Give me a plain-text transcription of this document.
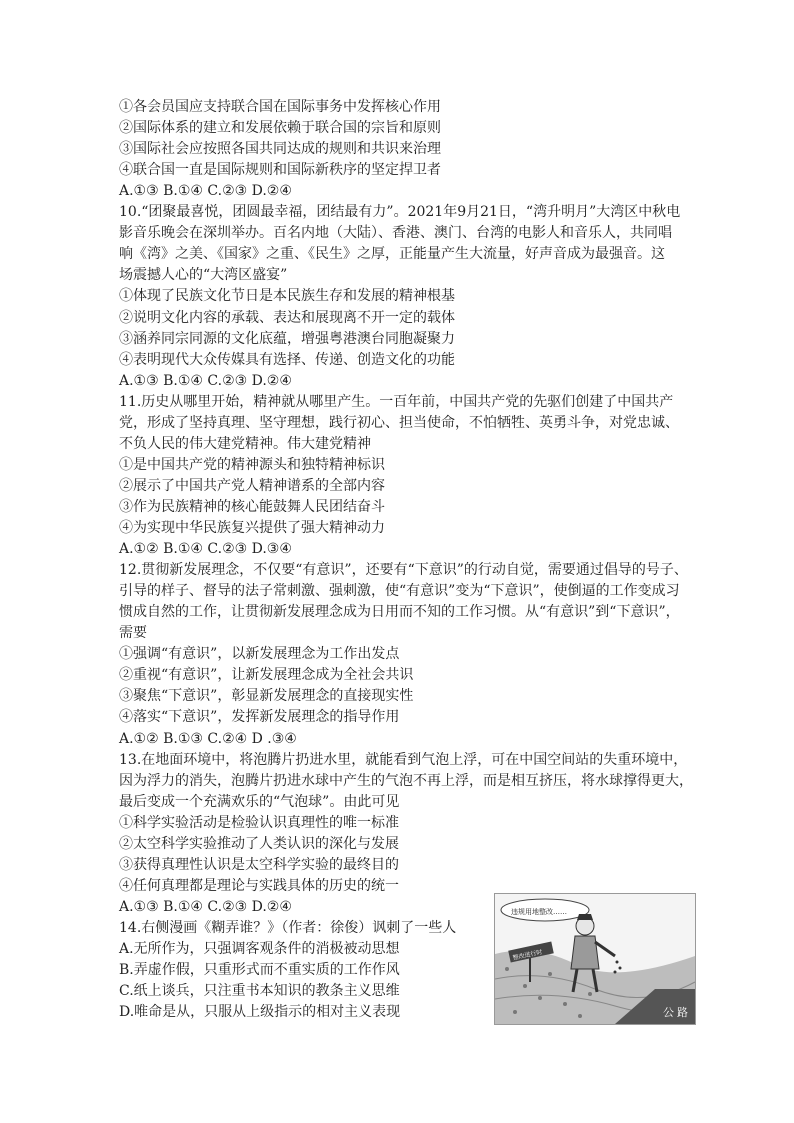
①各会员国应支持联合国在国际事务中发挥核心作用
②国际体系的建立和发展依赖于联合国的宗旨和原则
③国际社会应按照各国共同达成的规则和共识来治理
④联合国一直是国际规则和国际新秩序的坚定捍卫者
A.①③ B.①④ C.②③ D.②④
10.“团聚最喜悦，团圆最幸福，团结最有力”。2021年9月21日，“湾升明月”大湾区中秋电
影音乐晚会在深圳举办。百名内地（大陆）、香港、澳门、台湾的电影人和音乐人，共同唱
响《湾》之美、《国家》之重、《民生》之厚，正能量产生大流量，好声音成为最强音。这
场震撼人心的“大湾区盛宴”
①体现了民族文化节日是本民族生存和发展的精神根基
②说明文化内容的承载、表达和展现离不开一定的载体
③涵养同宗同源的文化底蕴，增强粤港澳台同胞凝聚力
④表明现代大众传媒具有选择、传递、创造文化的功能
A.①③ B.①④ C.②③ D.②④
11.历史从哪里开始，精神就从哪里产生。一百年前，中国共产党的先驱们创建了中国共产
党，形成了坚持真理、坚守理想，践行初心、担当使命，不怕牺牲、英勇斗争，对党忠诚、
不负人民的伟大建党精神。伟大建党精神
①是中国共产党的精神源头和独特精神标识
②展示了中国共产党人精神谱系的全部内容
③作为民族精神的核心能鼓舞人民团结奋斗
④为实现中华民族复兴提供了强大精神动力
A.①② B.①④ C.②③ D.③④
12.贯彻新发展理念，不仅要“有意识”，还要有“下意识”的行动自觉，需要通过倡导的号子、
引导的样子、督导的法子常刺激、强刺激，使“有意识”变为“下意识”，使倒逼的工作变成习
惯成自然的工作，让贯彻新发展理念成为日用而不知的工作习惯。从“有意识”到“下意识”，
需要
①强调“有意识”，以新发展理念为工作出发点
②重视“有意识”，让新发展理念成为全社会共识
③聚焦“下意识”，彰显新发展理念的直接现实性
④落实“下意识”，发挥新发展理念的指导作用
A.①② B.①③ C.②④ D .③④
13.在地面环境中，将泡腾片扔进水里，就能看到气泡上浮，可在中国空间站的失重环境中，
因为浮力的消失，泡腾片扔进水球中产生的气泡不再上浮，而是相互挤压，将水球撑得更大，
最后变成一个充满欢乐的“气泡球”。由此可见
①科学实验活动是检验认识真理性的唯一标准
②太空科学实验推动了人类认识的深化与发展
③获得真理性认识是太空科学实验的最终目的
④任何真理都是理论与实践具体的历史的统一
A.①③ B.①④ C.②③ D.②④
14.右侧漫画《糊弄谁？》（作者：徐俊）讽刺了一些人
A.无所作为，只强调客观条件的消极被动思想
B.弄虚作假，只重形式而不重实质的工作作风
C.纸上谈兵，只注重书本知识的教条主义思维
D.唯命是从，只服从上级指示的相对主义表现	公 路
违规用地整改……
整改进行时
